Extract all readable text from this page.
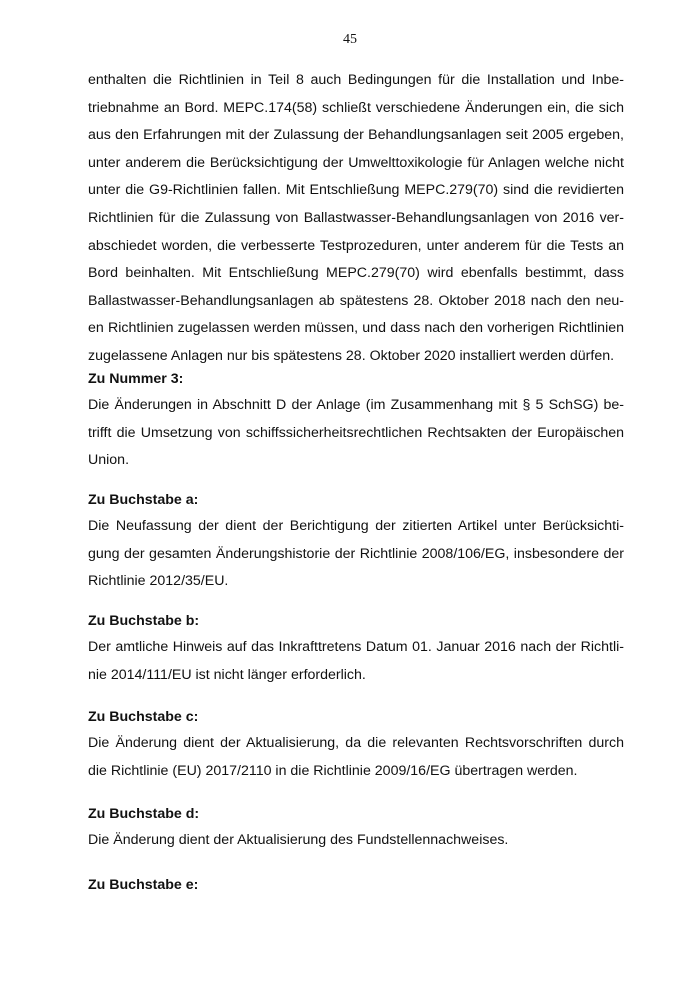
45

enthalten die Richtlinien in Teil 8 auch Bedingungen für die Installation und Inbe-
triebnahme an Bord. MEPC.174(58) schließt verschiedene Änderungen ein, die sich
aus den Erfahrungen mit der Zulassung der Behandlungsanlagen seit 2005 ergeben,
unter anderem die Berücksichtigung der Umwelttoxikologie für Anlagen welche nicht
unter die G9-Richtlinien fallen. Mit Entschließung MEPC.279(70) sind die revidierten
Richtlinien für die Zulassung von Ballastwasser-Behandlungsanlagen von 2016 ver-
abschiedet worden, die verbesserte Testprozeduren, unter anderem für die Tests an
Bord beinhalten. Mit Entschließung MEPC.279(70) wird ebenfalls bestimmt, dass
Ballastwasser-Behandlungsanlagen ab spätestens 28. Oktober 2018 nach den neu-
en Richtlinien zugelassen werden müssen, und dass nach den vorherigen Richtlinien
zugelassene Anlagen nur bis spätestens 28. Oktober 2020 installiert werden dürfen.

Zu Nummer 3:

Die Änderungen in Abschnitt D der Anlage (im Zusammenhang mit § 5 SchSG) be-
trifft die Umsetzung von schiffssicherheitsrechtlichen Rechtsakten der Europäischen
Union.

Zu Buchstabe a:

Die Neufassung der dient der Berichtigung der zitierten Artikel unter Berücksichti-
gung der gesamten Änderungshistorie der Richtlinie 2008/106/EG, insbesondere der
Richtlinie 2012/35/EU.

Zu Buchstabe b:

Der amtliche Hinweis auf das Inkrafttretens Datum 01. Januar 2016 nach der Richtli-
nie 2014/111/EU ist nicht länger erforderlich.

Zu Buchstabe c:

Die Änderung dient der Aktualisierung, da die relevanten Rechtsvorschriften durch
die Richtlinie (EU) 2017/2110 in die Richtlinie 2009/16/EG übertragen werden.

Zu Buchstabe d:

Die Änderung dient der Aktualisierung des Fundstellennachweises.

Zu Buchstabe e:
